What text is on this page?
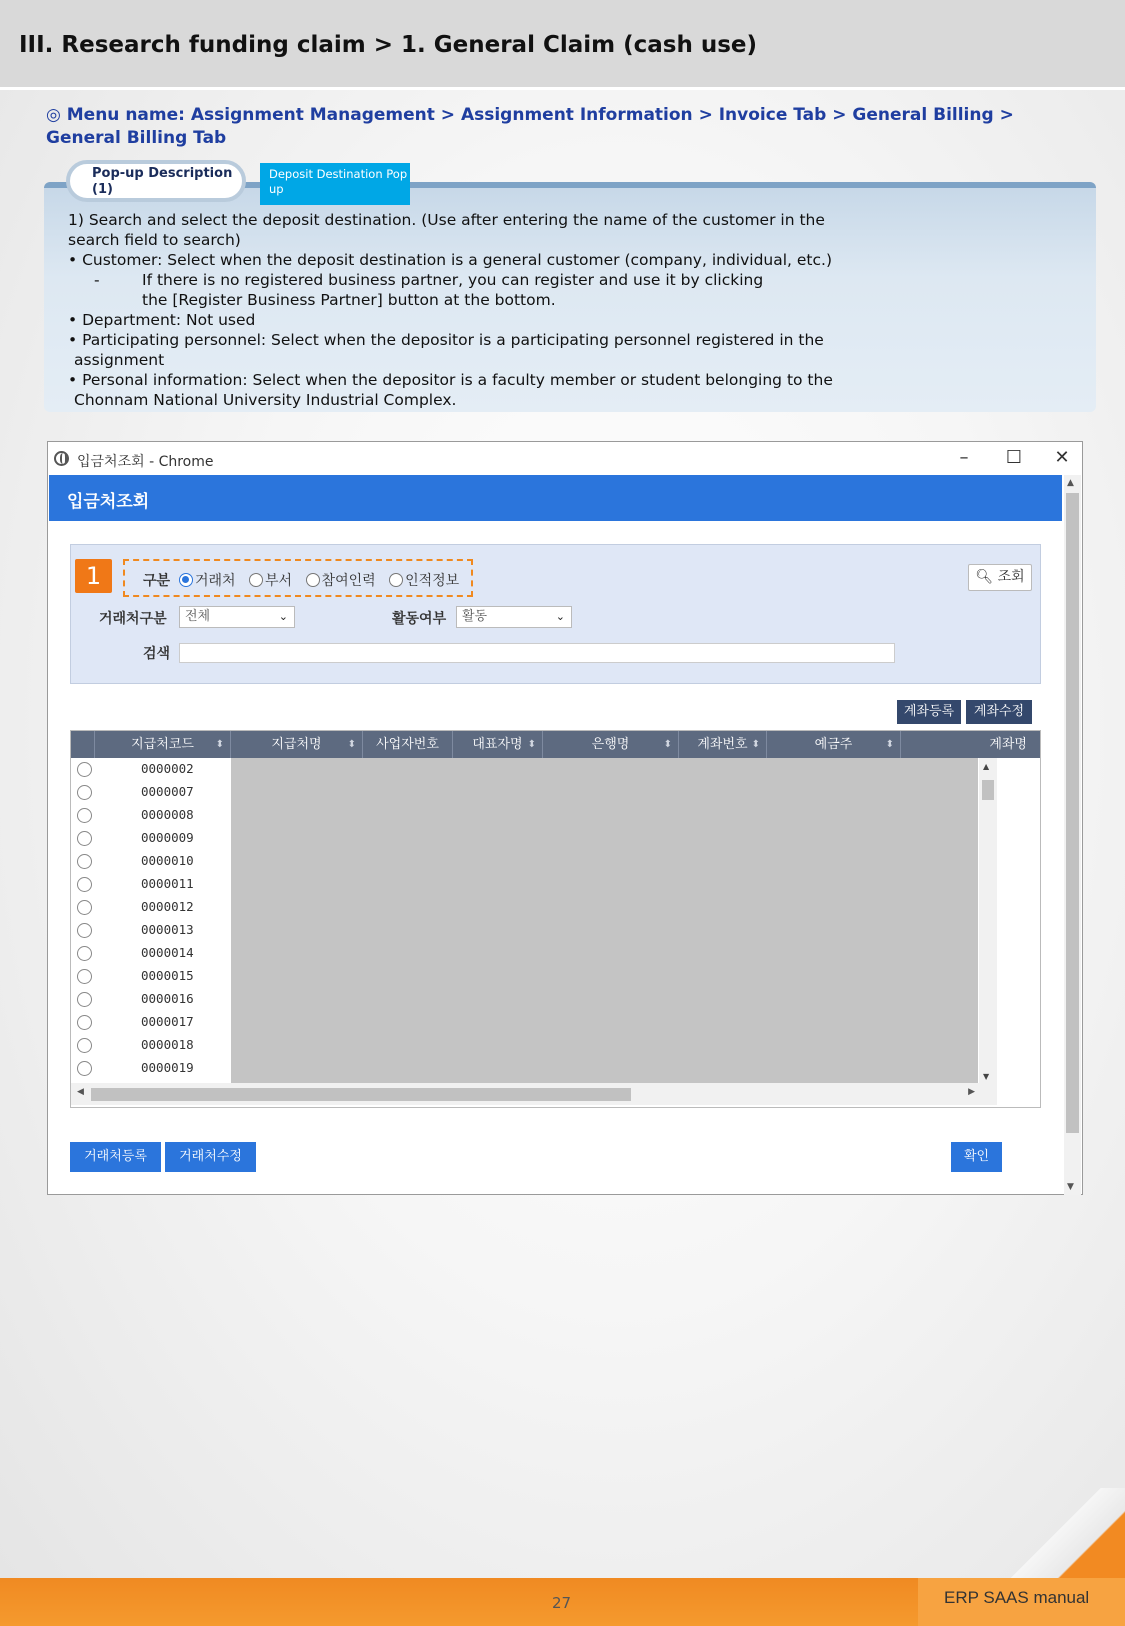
III. Research funding claim > 1. General Claim (cash use)
◎ Menu name: Assignment Management > Assignment Information > Invoice Tab > General Billing > General Billing Tab
Pop-up Description (1)
Deposit Destination Pop up
1) Search and select the deposit destination. (Use after entering the name of the customer in the
search field to search)
• Customer: Select when the deposit destination is a general customer (company, individual, etc.)
-	If there is no registered business partner, you can register and use it by clicking
the [Register Business Partner] button at the bottom.
• Department: Not used
• Participating personnel: Select when the depositor is a participating personnel registered in the
assignment
• Personal information: Select when the depositor is a faculty member or student belonging to the
Chonnam National University Industrial Complex.
입금처조회 - Chrome	–	☐ ✕
입금처조회
▲
▼
1	구분	거래처 부서 참여인력 인적정보	🔍︎ 조회
거래처구분	전체	⌄	활동여부	활동	⌄
검색
계좌등록	계좌수정
지급처코드 ⬍	지급처명	⬍	사업자번호	대표자명 ⬍	은행명	⬍	계좌번호 ⬍	예금주	⬍	계좌명
0000002
0000007
0000008
0000009
0000010
0000011
0000012
0000013
0000014
0000015
0000016
0000017
0000018
0000019
▲
▼
◀	▶
거래처등록	거래처수정	확인
27	ERP SAAS manual
